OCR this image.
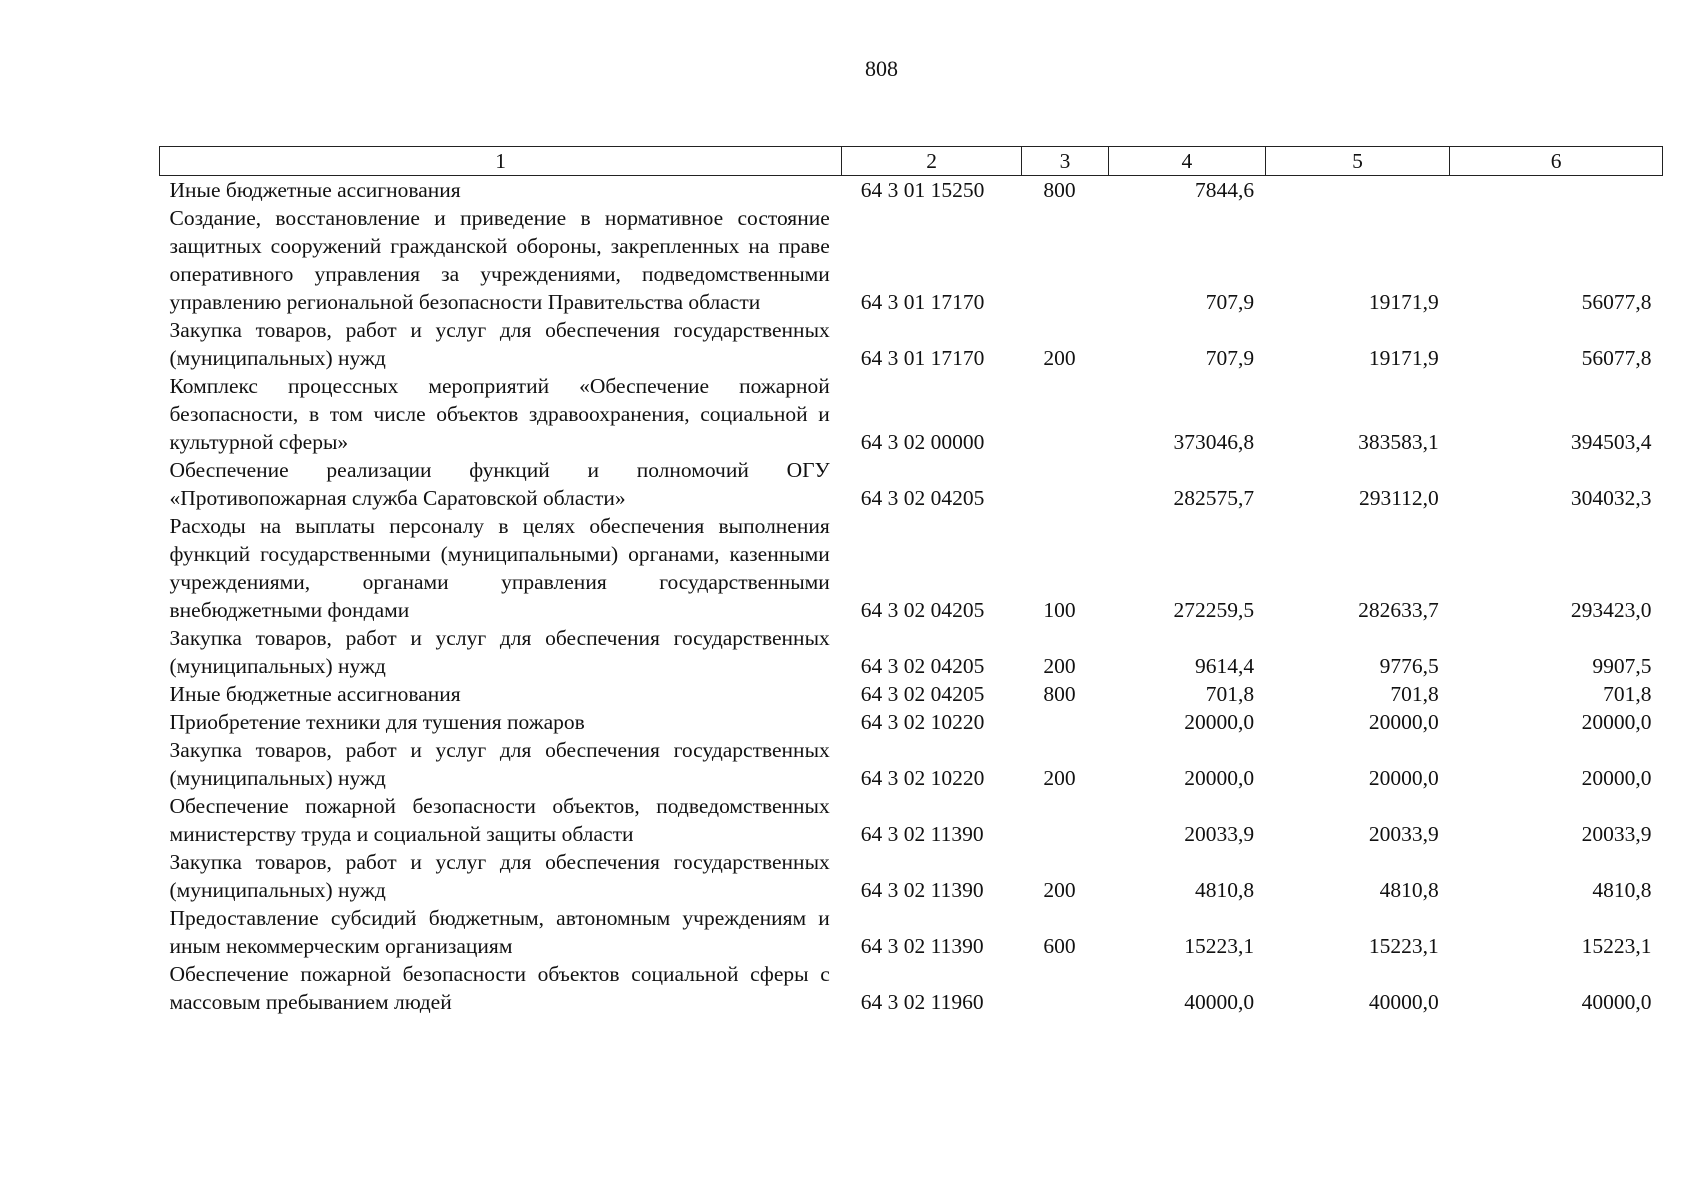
808
1	2	3	4	5	6
Иные бюджетные ассигнования	64 3 01 15250	800	7844,6		
Создание, восстановление и приведение в нормативное состояние защитных сооружений гражданской обороны, закрепленных на праве оперативного управления за учреждениями, подведомственными управлению региональной безопасности Правительства области	64 3 01 17170		707,9	19171,9	56077,8
Закупка товаров, работ и услуг для обеспечения государственных (муниципальных) нужд	64 3 01 17170	200	707,9	19171,9	56077,8
Комплекс процессных мероприятий «Обеспечение пожарной безопасности, в том числе объектов здравоохранения, социальной и культурной сферы»	64 3 02 00000		373046,8	383583,1	394503,4
Обеспечение реализации функций и полномочий ОГУ «Противопожарная служба Саратовской области»	64 3 02 04205		282575,7	293112,0	304032,3
Расходы на выплаты персоналу в целях обеспечения выполнения функций государственными (муниципальными) органами, казенными учреждениями, органами управления государственными внебюджетными фондами	64 3 02 04205	100	272259,5	282633,7	293423,0
Закупка товаров, работ и услуг для обеспечения государственных (муниципальных) нужд	64 3 02 04205	200	9614,4	9776,5	9907,5
Иные бюджетные ассигнования	64 3 02 04205	800	701,8	701,8	701,8
Приобретение техники для тушения пожаров	64 3 02 10220		20000,0	20000,0	20000,0
Закупка товаров, работ и услуг для обеспечения государственных (муниципальных) нужд	64 3 02 10220	200	20000,0	20000,0	20000,0
Обеспечение пожарной безопасности объектов, подведомственных министерству труда и социальной защиты области	64 3 02 11390		20033,9	20033,9	20033,9
Закупка товаров, работ и услуг для обеспечения государственных (муниципальных) нужд	64 3 02 11390	200	4810,8	4810,8	4810,8
Предоставление субсидий бюджетным, автономным учреждениям и иным некоммерческим организациям	64 3 02 11390	600	15223,1	15223,1	15223,1
Обеспечение пожарной безопасности объектов социальной сферы с массовым пребыванием людей	64 3 02 11960		40000,0	40000,0	40000,0
